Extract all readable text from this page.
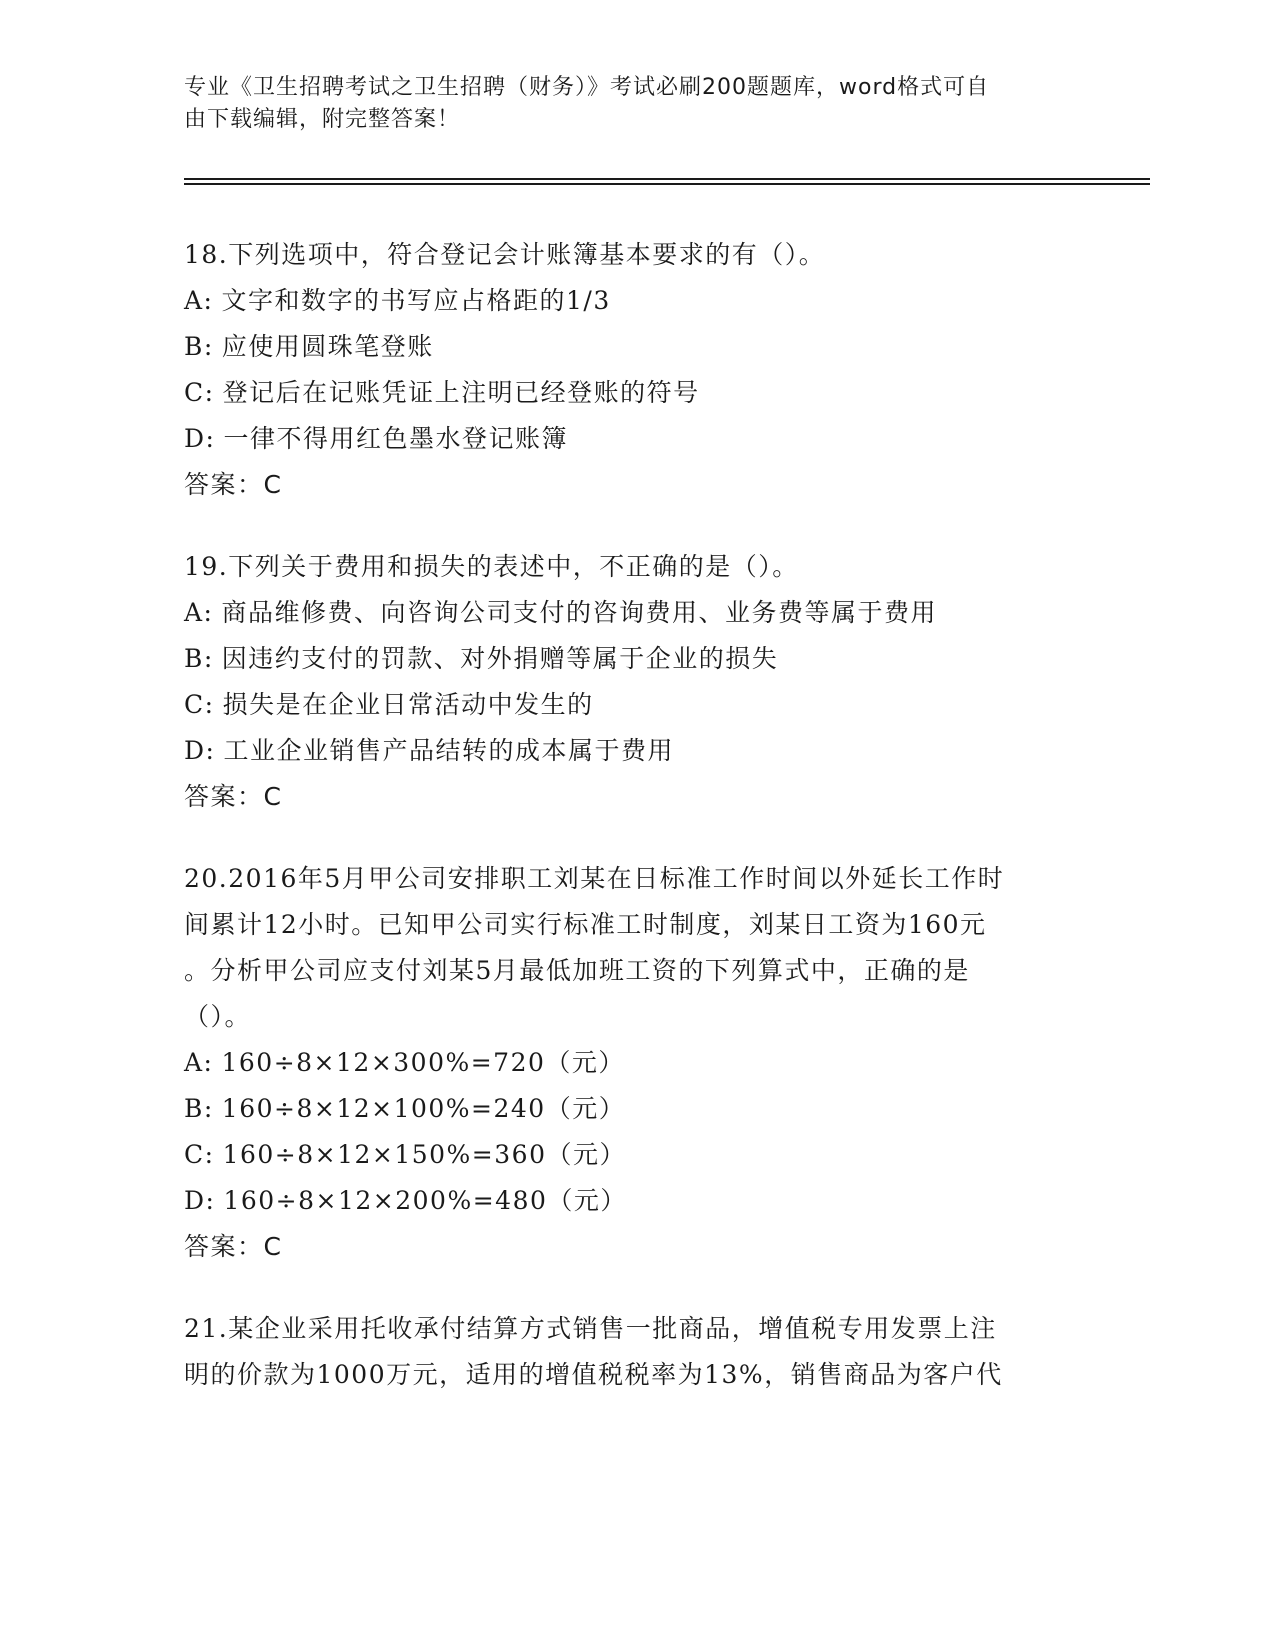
专业《卫生招聘考试之卫生招聘（财务）》考试必刷200题题库，word格式可自
由下载编辑，附完整答案！
18.下列选项中，符合登记会计账簿基本要求的有（）。
A: 文字和数字的书写应占格距的1/3
B: 应使用圆珠笔登账
C: 登记后在记账凭证上注明已经登账的符号
D: 一律不得用红色墨水登记账簿
答案：C
19.下列关于费用和损失的表述中，不正确的是（）。
A: 商品维修费、向咨询公司支付的咨询费用、业务费等属于费用
B: 因违约支付的罚款、对外捐赠等属于企业的损失
C: 损失是在企业日常活动中发生的
D: 工业企业销售产品结转的成本属于费用
答案：C
20.2016年5月甲公司安排职工刘某在日标准工作时间以外延长工作时
间累计12小时。已知甲公司实行标准工时制度，刘某日工资为160元
。分析甲公司应支付刘某5月最低加班工资的下列算式中，正确的是
（）。
A: 160÷8×12×300%=720（元）
B: 160÷8×12×100%=240（元）
C: 160÷8×12×150%=360（元）
D: 160÷8×12×200%=480（元）
答案：C
21.某企业采用托收承付结算方式销售一批商品，增值税专用发票上注
明的价款为1000万元，适用的增值税税率为13%，销售商品为客户代
